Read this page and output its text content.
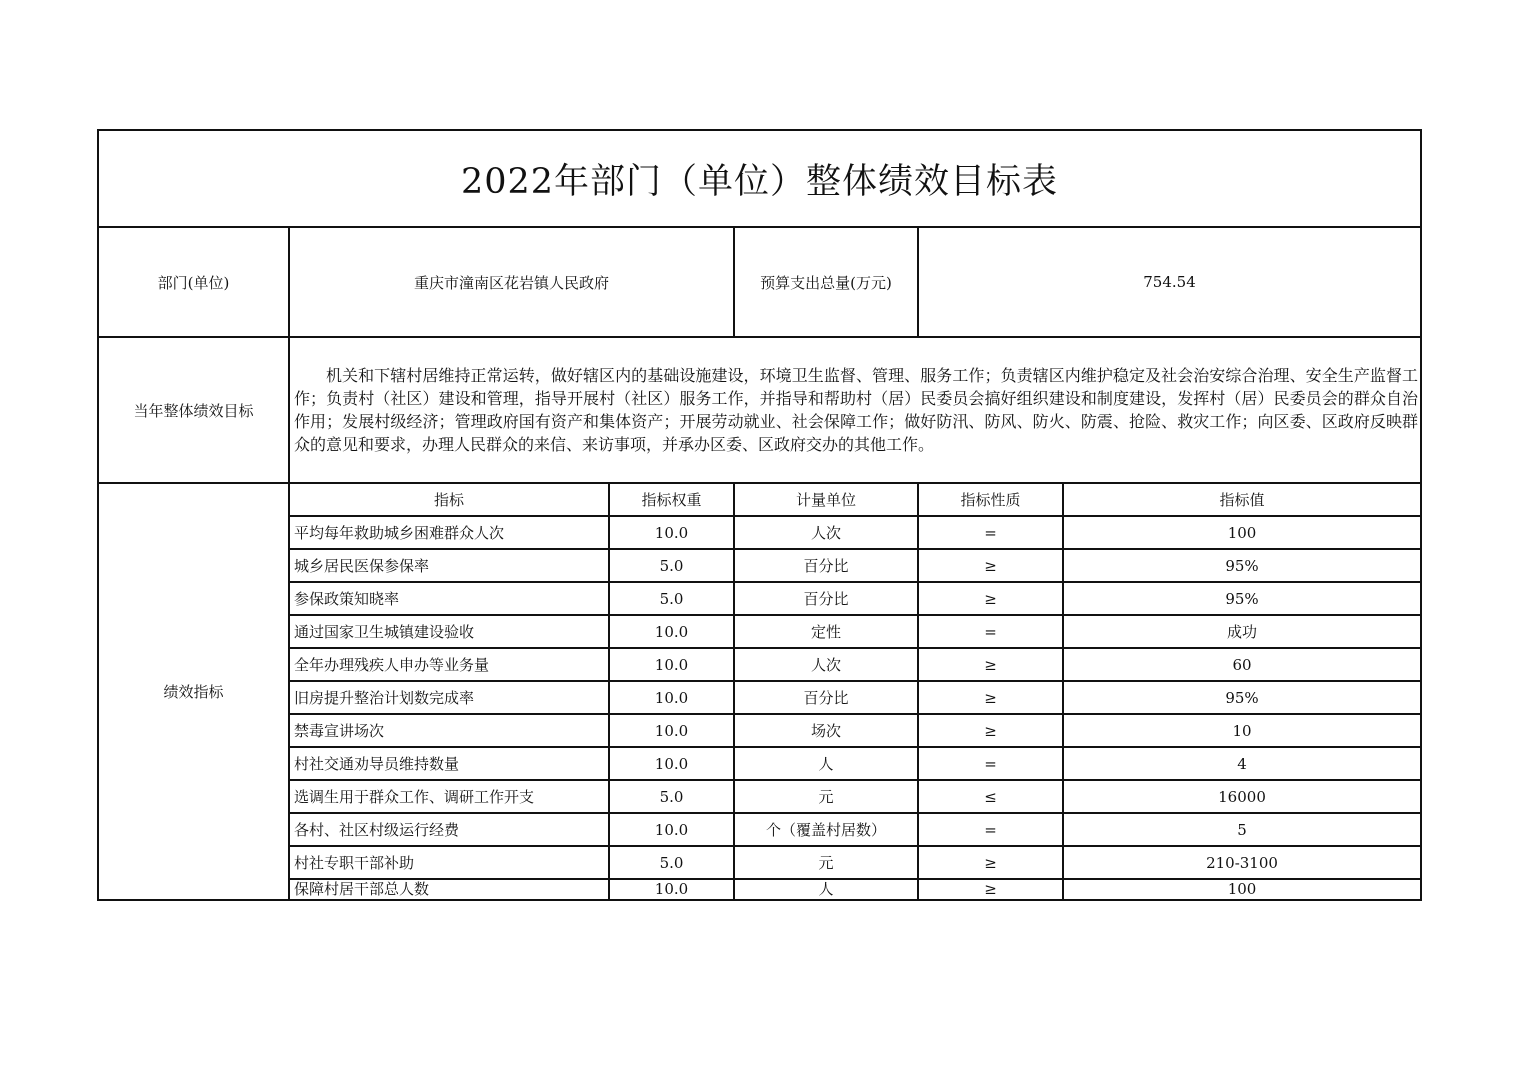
2022年部门（单位）整体绩效目标表					
部门(单位)	重庆市潼南区花岩镇人民政府		预算支出总量(万元)	754.54	
当年整体绩效目标	机关和下辖村居维持正常运转，做好辖区内的基础设施建设，环境卫生监督、管理、服务工作；负责辖区内维护稳定及社会治安综合治理、安全生产监督工作；负责村（社区）建设和管理，指导开展村（社区）服务工作，并指导和帮助村（居）民委员会搞好组织建设和制度建设，发挥村（居）民委员会的群众自治作用；发展村级经济；管理政府国有资产和集体资产；开展劳动就业、社会保障工作；做好防汛、防风、防火、防震、抢险、救灾工作；向区委、区政府反映群众的意见和要求，办理人民群众的来信、来访事项，并承办区委、区政府交办的其他工作。				
绩效指标	指标	指标权重	计量单位	指标性质	指标值
	平均每年救助城乡困难群众人次	10.0	人次	=	100
	城乡居民医保参保率	5.0	百分比	≥	95%
	参保政策知晓率	5.0	百分比	≥	95%
	通过国家卫生城镇建设验收	10.0	定性	=	成功
	全年办理残疾人申办等业务量	10.0	人次	≥	60
	旧房提升整治计划数完成率	10.0	百分比	≥	95%
	禁毒宣讲场次	10.0	场次	≥	10
	村社交通劝导员维持数量	10.0	人	=	4
	选调生用于群众工作、调研工作开支	5.0	元	≤	16000
	各村、社区村级运行经费	10.0	个（覆盖村居数）	=	5
	村社专职干部补助	5.0	元	≥	210-3100
	保障村居干部总人数	10.0	人	≥	100
